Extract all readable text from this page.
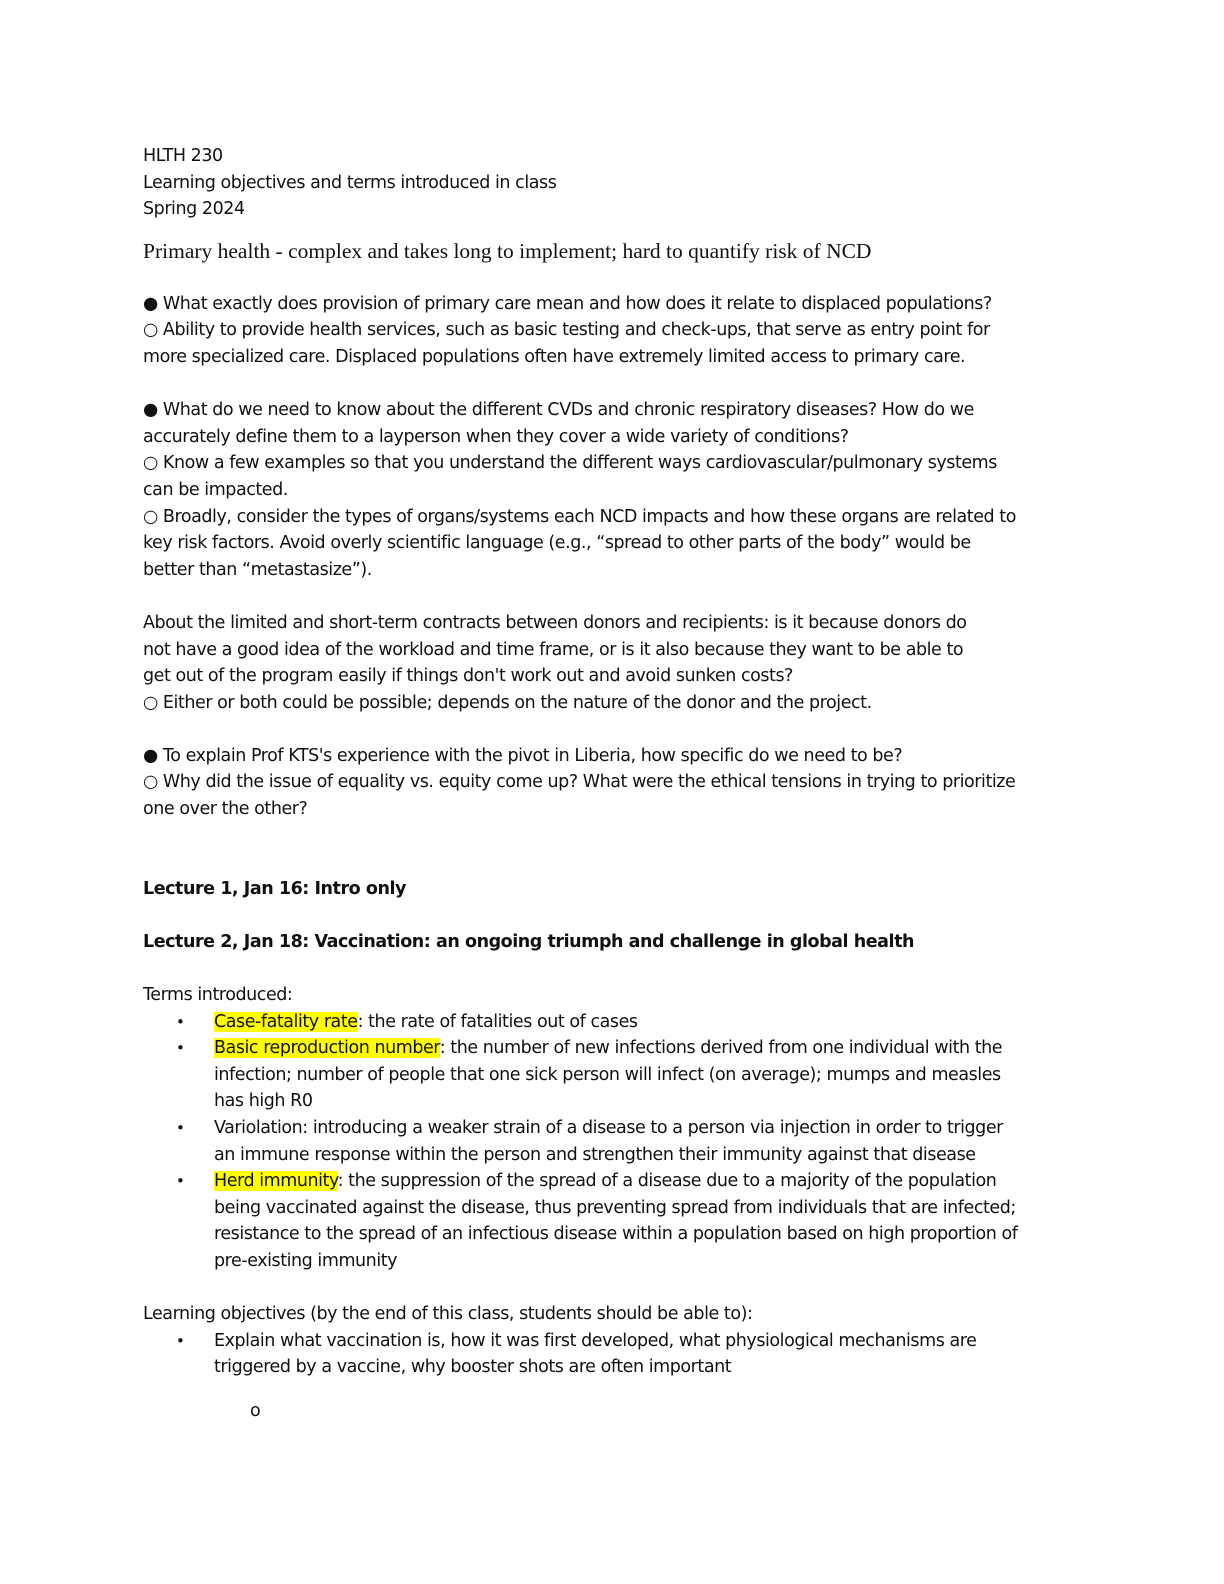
HLTH 230

Learning objectives and terms introduced in class

Spring 2024

Primary health - complex and takes long to implement; hard to quantify risk of NCD

● What exactly does provision of primary care mean and how does it relate to displaced populations?

○ Ability to provide health services, such as basic testing and check-ups, that serve as entry point for

more specialized care. Displaced populations often have extremely limited access to primary care.

● What do we need to know about the different CVDs and chronic respiratory diseases? How do we

accurately define them to a layperson when they cover a wide variety of conditions?

○ Know a few examples so that you understand the different ways cardiovascular/pulmonary systems

can be impacted.

○ Broadly, consider the types of organs/systems each NCD impacts and how these organs are related to

key risk factors. Avoid overly scientific language (e.g., “spread to other parts of the body” would be

better than “metastasize”).

About the limited and short-term contracts between donors and recipients: is it because donors do

not have a good idea of the workload and time frame, or is it also because they want to be able to

get out of the program easily if things don't work out and avoid sunken costs?

○ Either or both could be possible; depends on the nature of the donor and the project.

● To explain Prof KTS's experience with the pivot in Liberia, how specific do we need to be?

○ Why did the issue of equality vs. equity come up? What were the ethical tensions in trying to prioritize

one over the other?

Lecture 1, Jan 16: Intro only

Lecture 2, Jan 18: Vaccination: an ongoing triumph and challenge in global health

Terms introduced:

• Case-fatality rate: the rate of fatalities out of cases
• Basic reproduction number: the number of new infections derived from one individual with the
infection; number of people that one sick person will infect (on average); mumps and measles
has high R0
• Variolation: introducing a weaker strain of a disease to a person via injection in order to trigger
an immune response within the person and strengthen their immunity against that disease
• Herd immunity: the suppression of the spread of a disease due to a majority of the population
being vaccinated against the disease, thus preventing spread from individuals that are infected;
resistance to the spread of an infectious disease within a population based on high proportion of
pre-existing immunity

Learning objectives (by the end of this class, students should be able to):

• Explain what vaccination is, how it was first developed, what physiological mechanisms are
triggered by a vaccine, why booster shots are often important

o
